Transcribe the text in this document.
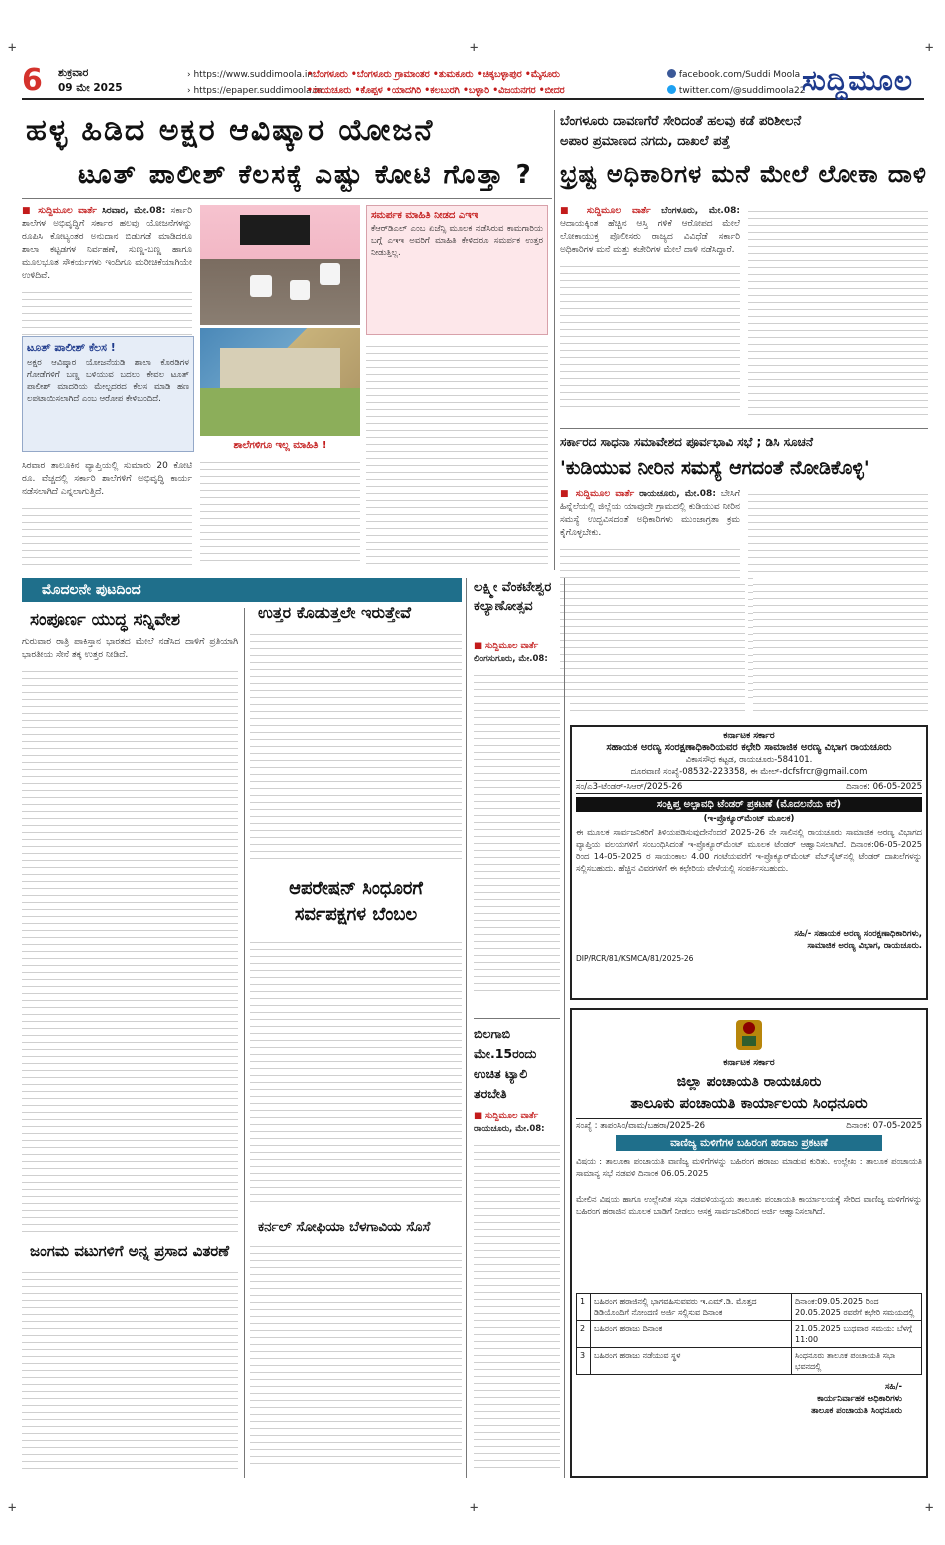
+	+	+
+	+	+
6 ಶುಕ್ರವಾರ
09 ಮೇ 2025
› https://www.suddimoola.in
› https://epaper.suddimoola.in
•ಬೆಂಗಳೂರು •ಬೆಂಗಳೂರು ಗ್ರಾಮಾಂತರ •ತುಮಕೂರು •ಚಿಕ್ಕಬಳ್ಳಾಪುರ •ಮೈಸೂರು
•ರಾಯಚೂರು •ಕೊಪ್ಪಳ •ಯಾದಗಿರಿ •ಕಲಬುರಗಿ •ಬಳ್ಳಾರಿ •ವಿಜಯನಗರ •ಬೀದರ
facebook.com/Suddi Moola
twitter.com/@suddimoola22
ಸುದ್ದಿಮೂಲ
ಹಳ್ಳ ಹಿಡಿದ ಅಕ್ಷರ ಆವಿಷ್ಕಾರ ಯೋಜನೆ
ಟೂತ್ ಪಾಲೀಶ್ ಕೆಲಸಕ್ಕೆ ಎಷ್ಟು ಕೋಟಿ ಗೊತ್ತಾ ?
■ ಸುದ್ದಿಮೂಲ ವಾರ್ತೆ ಸಿರವಾರ, ಮೇ.08: ಸರ್ಕಾರಿ ಶಾಲೆಗಳ ಅಭಿವೃದ್ಧಿಗೆ ಸರ್ಕಾರ ಹಲವು ಯೋಜನೆಗಳನ್ನು ರೂಪಿಸಿ ಕೋಟ್ಯಂತರ ಅನುದಾನ ಬಿಡುಗಡೆ ಮಾಡಿದರೂ ಶಾಲಾ ಕಟ್ಟಡಗಳ ನಿರ್ವಹಣೆ, ಸುಣ್ಣ-ಬಣ್ಣ ಹಾಗೂ ಮೂಲಭೂತ ಸೌಕರ್ಯಗಳು ಇಂದಿಗೂ ಮರೀಚಿಕೆಯಾಗಿಯೇ ಉಳಿದಿವೆ.
ಟೂತ್ ಪಾಲೀಶ್ ಕೆಲಸ !
ಅಕ್ಷರ ಆವಿಷ್ಕಾರ ಯೋಜನೆಯಡಿ ಶಾಲಾ ಕೊಠಡಿಗಳ ಗೋಡೆಗಳಿಗೆ ಬಣ್ಣ ಬಳಿಯುವ ಬದಲು ಕೇವಲ ಟೂತ್ ಪಾಲೀಶ್ ಮಾದರಿಯ ಮೇಲ್ಪದರದ ಕೆಲಸ ಮಾಡಿ ಹಣ ಲಪಟಾಯಿಸಲಾಗಿದೆ ಎಂಬ ಆರೋಪ ಕೇಳಿಬಂದಿದೆ.
ಸಿರವಾರ ತಾಲೂಕಿನ ವ್ಯಾಪ್ತಿಯಲ್ಲಿ ಸುಮಾರು 20 ಕೋಟಿ ರೂ. ವೆಚ್ಚದಲ್ಲಿ ಸರ್ಕಾರಿ ಶಾಲೆಗಳಿಗೆ ಅಭಿವೃದ್ಧಿ ಕಾರ್ಯ ನಡೆಸಲಾಗಿದೆ ಎನ್ನಲಾಗುತ್ತಿದೆ.
ಶಾಲೆಗಳಿಗೂ ಇಲ್ಲ ಮಾಹಿತಿ !
ಸಮರ್ಪಕ ಮಾಹಿತಿ ನೀಡದ ಎಇಇ
ಕೆಆರ್‌ಡಿಎಲ್ ಎಂಬ ಏಜೆನ್ಸಿ ಮೂಲಕ ನಡೆಸಿರುವ ಕಾಮಗಾರಿಯ ಬಗ್ಗೆ ಎಇಇ ಅವರಿಗೆ ಮಾಹಿತಿ ಕೇಳಿದರೂ ಸಮರ್ಪಕ ಉತ್ತರ ನೀಡುತ್ತಿಲ್ಲ.
ಬೆಂಗಳೂರು ದಾವಣಗೆರೆ ಸೇರಿದಂತೆ ಹಲವು ಕಡೆ ಪರಿಶೀಲನೆ
ಅಪಾರ ಪ್ರಮಾಣದ ನಗದು, ದಾಖಲೆ ಪತ್ತೆ
ಭ್ರಷ್ಟ ಅಧಿಕಾರಿಗಳ ಮನೆ ಮೇಲೆ ಲೋಕಾ ದಾಳಿ
■ ಸುದ್ದಿಮೂಲ ವಾರ್ತೆ ಬೆಂಗಳೂರು, ಮೇ.08: ಆದಾಯಕ್ಕಿಂತ ಹೆಚ್ಚಿನ ಆಸ್ತಿ ಗಳಿಕೆ ಆರೋಪದ ಮೇಲೆ ಲೋಕಾಯುಕ್ತ ಪೊಲೀಸರು ರಾಜ್ಯದ ವಿವಿಧೆಡೆ ಸರ್ಕಾರಿ ಅಧಿಕಾರಿಗಳ ಮನೆ ಮತ್ತು ಕಚೇರಿಗಳ ಮೇಲೆ ದಾಳಿ ನಡೆಸಿದ್ದಾರೆ.
ಸರ್ಕಾರದ ಸಾಧನಾ ಸಮಾವೇಶದ ಪೂರ್ವಭಾವಿ ಸಭೆ ; ಡಿಸಿ ಸೂಚನೆ
'ಕುಡಿಯುವ ನೀರಿನ ಸಮಸ್ಯೆ ಆಗದಂತೆ ನೋಡಿಕೊಳ್ಳಿ'
■ ಸುದ್ದಿಮೂಲ ವಾರ್ತೆ ರಾಯಚೂರು, ಮೇ.08: ಬೇಸಿಗೆ ಹಿನ್ನೆಲೆಯಲ್ಲಿ ಜಿಲ್ಲೆಯ ಯಾವುದೇ ಗ್ರಾಮದಲ್ಲಿ ಕುಡಿಯುವ ನೀರಿನ ಸಮಸ್ಯೆ ಉದ್ಭವಿಸದಂತೆ ಅಧಿಕಾರಿಗಳು ಮುಂಜಾಗ್ರತಾ ಕ್ರಮ ಕೈಗೊಳ್ಳಬೇಕು.
ಮೊದಲನೇ ಪುಟದಿಂದ
ಸಂಪೂರ್ಣ ಯುದ್ಧ ಸನ್ನಿವೇಶ
ಗುರುವಾರ ರಾತ್ರಿ ಪಾಕಿಸ್ತಾನ ಭಾರತದ ಮೇಲೆ ನಡೆಸಿದ ದಾಳಿಗೆ ಪ್ರತಿಯಾಗಿ ಭಾರತೀಯ ಸೇನೆ ತಕ್ಕ ಉತ್ತರ ನೀಡಿದೆ.
ಜಂಗಮ ವಟುಗಳಿಗೆ ಅನ್ನ ಪ್ರಸಾದ ವಿತರಣೆ
ಉತ್ತರ ಕೊಡುತ್ತಲೇ ಇರುತ್ತೇವೆ
ಆಪರೇಷನ್ ಸಿಂಧೂರಗೆ
ಸರ್ವಪಕ್ಷಗಳ ಬೆಂಬಲ
ಕರ್ನಲ್ ಸೋಫಿಯಾ ಬೆಳಗಾವಿಯ ಸೊಸೆ
ಲಕ್ಷ್ಮೀ ವೆಂಕಟೇಶ್ವರ ಕಲ್ಯಾಣೋತ್ಸವ
■ ಸುದ್ದಿಮೂಲ ವಾರ್ತೆ
ಲಿಂಗಸುಗೂರು, ಮೇ.08:
ಬಿಲಗಾಬಿ ಮೇ.15ರಂದು ಉಚಿತ ಟ್ಯಾಲಿ ತರಬೇತಿ
■ ಸುದ್ದಿಮೂಲ ವಾರ್ತೆ
ರಾಯಚೂರು, ಮೇ.08:
ಕರ್ನಾಟಕ ಸರ್ಕಾರ
ಸಹಾಯಕ ಅರಣ್ಯ ಸಂರಕ್ಷಣಾಧಿಕಾರಿಯವರ ಕಛೇರಿ ಸಾಮಾಜಿಕ ಅರಣ್ಯ ವಿಭಾಗ ರಾಯಚೂರು
ವಿಕಾಸಸೌಧ ಕಟ್ಟಡ, ರಾಯಚೂರು-584101.
ದೂರವಾಣಿ ಸಂಖ್ಯೆ-08532-223358, ಈ ಮೇಲ್-dcfsfrcr@gmail.com
ಸಂ/ಎ3-ಟೆಂಡರ್-ಸಿಆರ್‌/2025-26	ದಿನಾಂಕ: 06-05-2025
ಸಂಕ್ಷಿಪ್ತ ಅಲ್ಪಾವಧಿ ಟೆಂಡರ್ ಪ್ರಕಟಣೆ (ಮೊದಲನೆಯ ಕರೆ)
(ಇ-ಪ್ರೊಕ್ಯೂರ್‌ಮೆಂಟ್ ಮೂಲಕ)
ಈ ಮೂಲಕ ಸಾರ್ವಜನಿಕರಿಗೆ ತಿಳಿಯಪಡಿಸುವುದೇನೆಂದರೆ 2025-26 ನೇ ಸಾಲಿನಲ್ಲಿ ರಾಯಚೂರು ಸಾಮಾಜಿಕ ಅರಣ್ಯ ವಿಭಾಗದ ವ್ಯಾಪ್ತಿಯ ವಲಯಗಳಿಗೆ ಸಂಬಂಧಿಸಿದಂತೆ ಇ-ಪ್ರೊಕ್ಯೂರ್‌ಮೆಂಟ್ ಮೂಲಕ ಟೆಂಡರ್ ಆಹ್ವಾನಿಸಲಾಗಿದೆ. ದಿನಾಂಕ:06-05-2025 ರಿಂದ 14-05-2025 ರ ಸಾಯಂಕಾಲ 4.00 ಗಂಟೆಯವರೆಗೆ ಇ-ಪ್ರೊಕ್ಯೂರ್‌ಮೆಂಟ್ ವೆಬ್‌ಸೈಟ್‌ನಲ್ಲಿ ಟೆಂಡರ್ ದಾಖಲೆಗಳನ್ನು ಸಲ್ಲಿಸಬಹುದು. ಹೆಚ್ಚಿನ ವಿವರಗಳಿಗೆ ಈ ಕಛೇರಿಯ ವೇಳೆಯಲ್ಲಿ ಸಂಪರ್ಕಿಸಬಹುದು.
ಸಹಿ/- ಸಹಾಯಕ ಅರಣ್ಯ ಸಂರಕ್ಷಣಾಧಿಕಾರಿಗಳು,
ಸಾಮಾಜಿಕ ಅರಣ್ಯ ವಿಭಾಗ, ರಾಯಚೂರು.
DIP/RCR/81/KSMCA/81/2025-26
ಕರ್ನಾಟಕ ಸರ್ಕಾರ
ಜಿಲ್ಲಾ ಪಂಚಾಯತಿ ರಾಯಚೂರು
ತಾಲೂಕು ಪಂಚಾಯತಿ ಕಾರ್ಯಾಲಯ ಸಿಂಧನೂರು
ಸಂಖ್ಯೆ : ತಾಪಂಸಿಂ/ವಾಮ/ಬಹರಾ/2025-26	ದಿನಾಂಕ: 07-05-2025
ವಾಣಿಜ್ಯ ಮಳಿಗೆಗಳ ಬಹಿರಂಗ ಹರಾಜು ಪ್ರಕಟಣೆ
ವಿಷಯ : ತಾಲೂಕಾ ಪಂಚಾಯತಿ ವಾಣಿಜ್ಯ ಮಳಿಗೆಗಳನ್ನು ಬಹಿರಂಗ ಹರಾಜು ಮಾಡುವ ಕುರಿತು. ಉಲ್ಲೇಖ : ತಾಲೂಕ ಪಂಚಾಯತಿ ಸಾಮಾನ್ಯ ಸಭೆ ನಡವಳಿ ದಿನಾಂಕ 06.05.2025
ಮೇಲಿನ ವಿಷಯ ಹಾಗೂ ಉಲ್ಲೇಖಿತ ಸಭಾ ನಡವಳಿಯನ್ವಯ ತಾಲೂಕು ಪಂಚಾಯತಿ ಕಾರ್ಯಾಲಯಕ್ಕೆ ಸೇರಿದ ವಾಣಿಜ್ಯ ಮಳಿಗೆಗಳನ್ನು ಬಹಿರಂಗ ಹರಾಜಿನ ಮೂಲಕ ಬಾಡಿಗೆ ನೀಡಲು ಆಸಕ್ತ ಸಾರ್ವಜನಿಕರಿಂದ ಅರ್ಜಿ ಆಹ್ವಾನಿಸಲಾಗಿದೆ.
1	ಬಹಿರಂಗ ಹರಾಜಿನಲ್ಲಿ ಭಾಗವಹಿಸುವವರು ಇ.ಎಮ್.ಡಿ. ಮೊತ್ತದ ಡಿಡಿಯೊಂದಿಗೆ ನೋಂದಣಿ ಅರ್ಜಿ ಸಲ್ಲಿಸುವ ದಿನಾಂಕ	ದಿನಾಂಕ:09.05.2025 ರಿಂದ 20.05.2025 ರವರೆಗೆ ಕಛೇರಿ ಸಮಯದಲ್ಲಿ
2	ಬಹಿರಂಗ ಹರಾಜು ದಿನಾಂಕ	21.05.2025 ಬುಧವಾರ ಸಮಯ: ಬೆಳಗ್ಗೆ 11:00
3	ಬಹಿರಂಗ ಹರಾಜು ನಡೆಯುವ ಸ್ಥಳ	ಸಿಂಧನೂರು ತಾಲೂಕ ಪಂಚಾಯತಿ ಸಭಾ ಭವನದಲ್ಲಿ
ಸಹಿ/-
ಕಾರ್ಯನಿರ್ವಾಹಕ ಅಧಿಕಾರಿಗಳು
ತಾಲೂಕ ಪಂಚಾಯತಿ ಸಿಂಧನೂರು
